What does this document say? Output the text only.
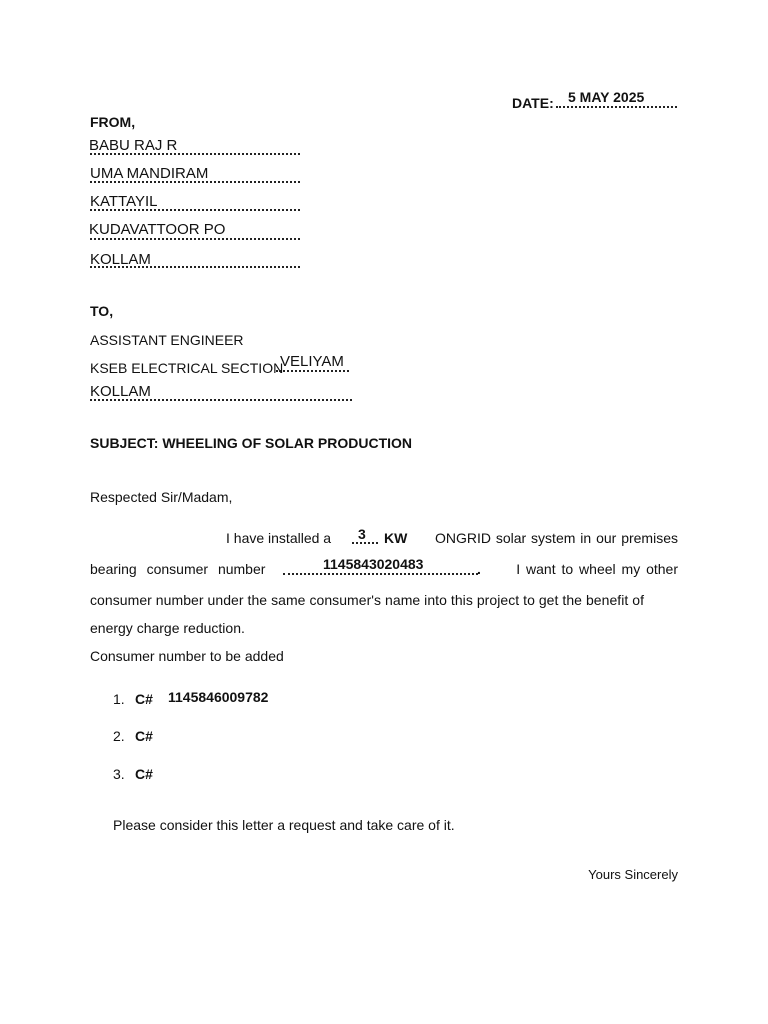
DATE: 5 MAY 2025
FROM,
BABU RAJ R
UMA MANDIRAM
KATTAYIL
KUDAVATTOOR PO
KOLLAM
TO,
ASSISTANT ENGINEER
KSEB ELECTRICAL SECTION
VELIYAM
KOLLAM
SUBJECT: WHEELING OF SOLAR PRODUCTION
Respected Sir/Madam,
I have installed a 3 KW	ONGRID solar system in our premises
bearing consumer number	1145843020483	.	I want to wheel my other
consumer number under the same consumer's name into this project to get the benefit of
energy charge reduction.
Consumer number to be added
1. C# 1145846009782
2. C#
3. C#
Please consider this letter a request and take care of it.
Yours Sincerely
